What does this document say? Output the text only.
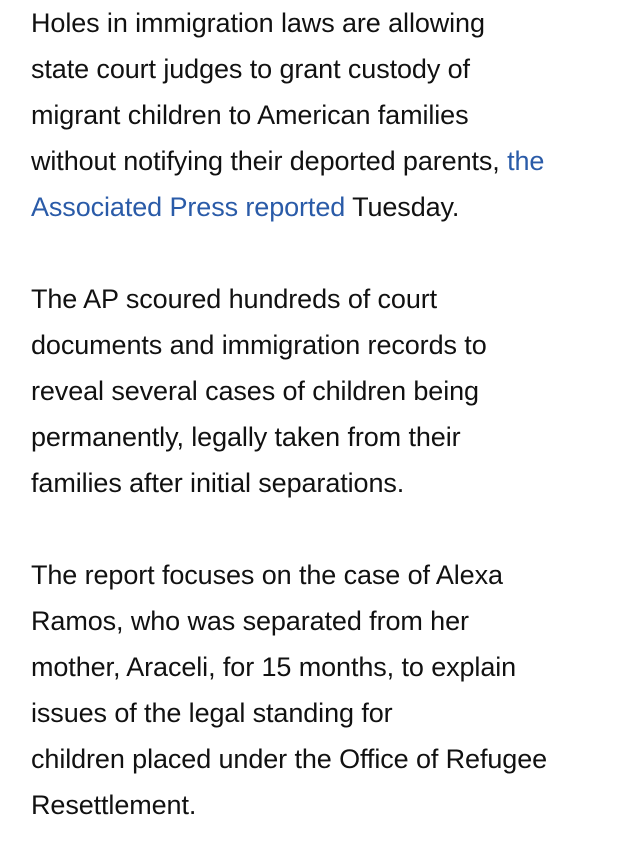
Holes in immigration laws are allowing
state court judges to grant custody of
migrant children to American families
without notifying their deported parents, the
Associated Press reported Tuesday.

The AP scoured hundreds of court
documents and immigration records to
reveal several cases of children being
permanently, legally taken from their
families after initial separations.

The report focuses on the case of Alexa
Ramos, who was separated from her
mother, Araceli, for 15 months, to explain
issues of the legal standing for
children placed under the Office of Refugee
Resettlement.
